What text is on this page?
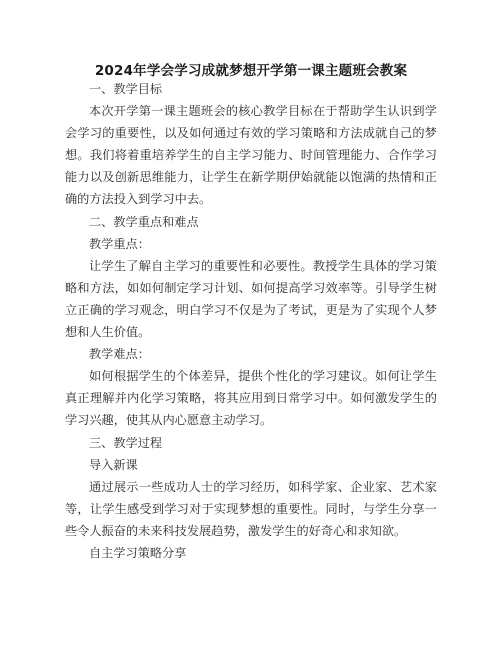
2024年学会学习成就梦想开学第一课主题班会教案

一、教学目标

本次开学第一课主题班会的核心教学目标在于帮助学生认识到学会学习的重要性，以及如何通过有效的学习策略和方法成就自己的梦想。我们将着重培养学生的自主学习能力、时间管理能力、合作学习能力以及创新思维能力，让学生在新学期伊始就能以饱满的热情和正确的方法投入到学习中去。

二、教学重点和难点

教学重点：

让学生了解自主学习的重要性和必要性。教授学生具体的学习策略和方法，如如何制定学习计划、如何提高学习效率等。引导学生树立正确的学习观念，明白学习不仅是为了考试，更是为了实现个人梦想和人生价值。

教学难点：

如何根据学生的个体差异，提供个性化的学习建议。如何让学生真正理解并内化学习策略，将其应用到日常学习中。如何激发学生的学习兴趣，使其从内心愿意主动学习。

三、教学过程

导入新课

通过展示一些成功人士的学习经历，如科学家、企业家、艺术家等，让学生感受到学习对于实现梦想的重要性。同时，与学生分享一些令人振奋的未来科技发展趋势，激发学生的好奇心和求知欲。

自主学习策略分享
